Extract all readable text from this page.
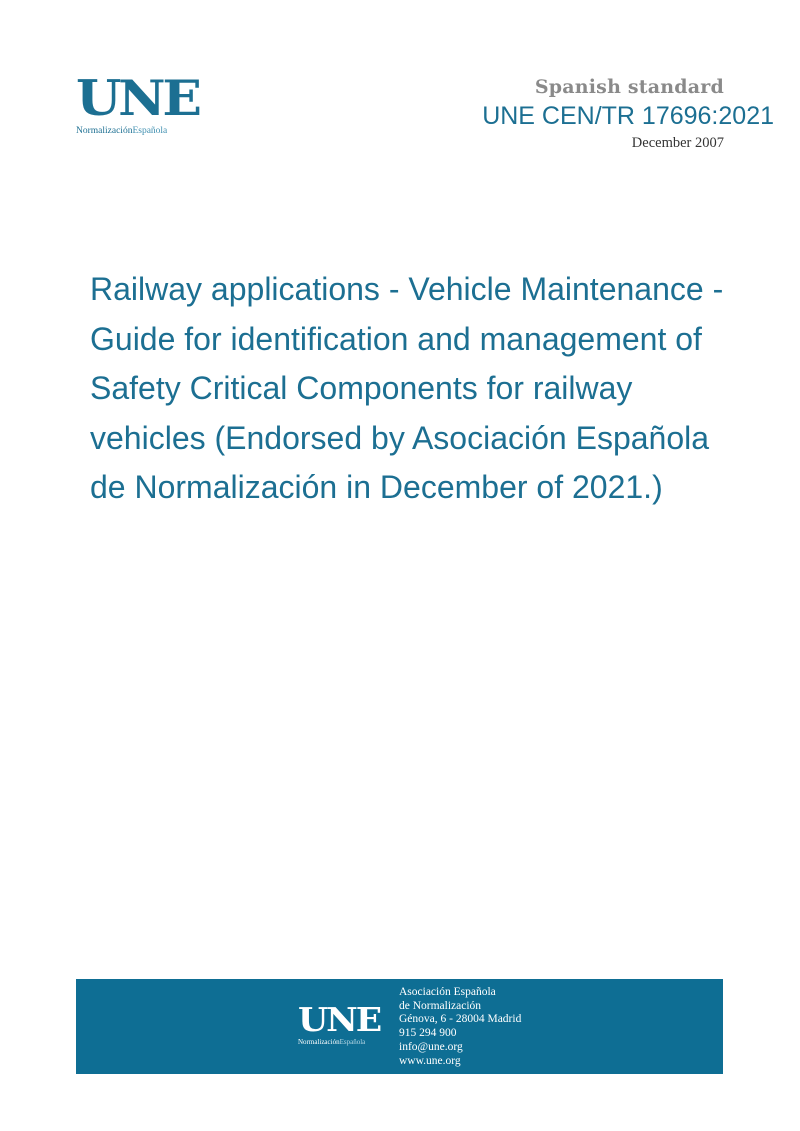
UNE
NormalizaciónEspañola
Spanish standard
UNE CEN/TR 17696:2021
December 2007
Railway applications - Vehicle Maintenance - Guide for identification and management of Safety Critical Components for railway vehicles (Endorsed by Asociación Española de Normalización in December of 2021.)
UNE
NormalizaciónEspañola
Asociación Española
de Normalización
Génova, 6 - 28004 Madrid
915 294 900
info@une.org
www.une.org
